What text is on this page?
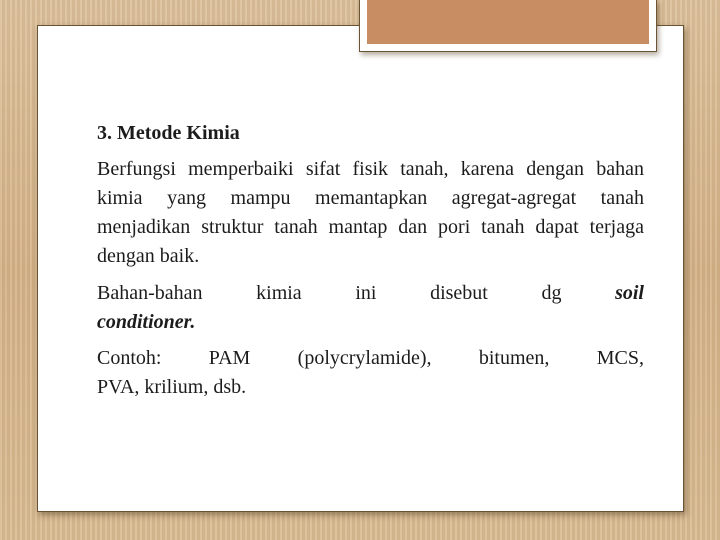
3. Metode Kimia
Berfungsi memperbaiki sifat fisik tanah, karena dengan bahan kimia yang mampu memantapkan agregat-agregat tanah menjadikan struktur tanah mantap dan pori tanah dapat terjaga dengan baik.
Bahan-bahan	kimia	ini	disebut	dg	soil
conditioner.
Contoh: PAM (polycrylamide), bitumen, MCS,
PVA, krilium, dsb.
